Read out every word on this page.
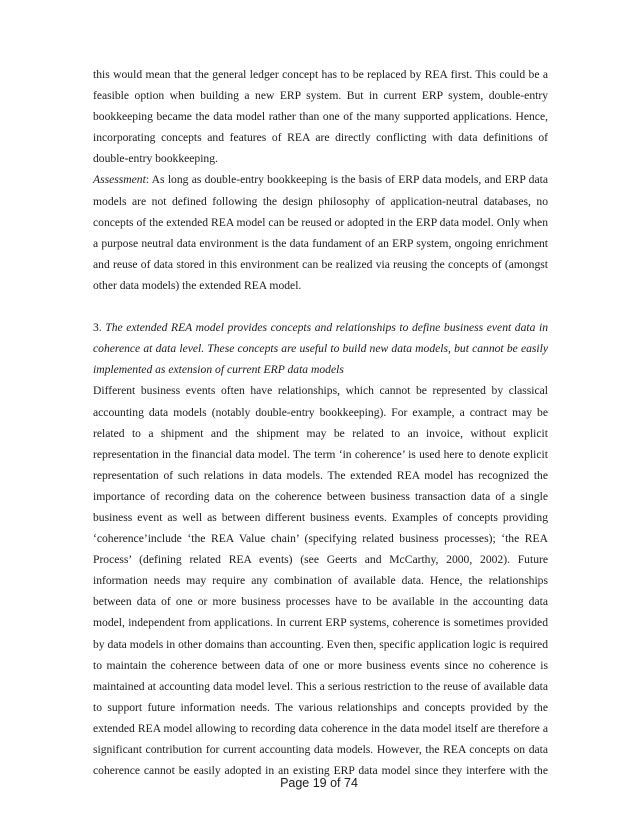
this would mean that the general ledger concept has to be replaced by REA first. This could be a
feasible option when building a new ERP system. But in current ERP system, double-entry
bookkeeping became the data model rather than one of the many supported applications. Hence,
incorporating concepts and features of REA are directly conflicting with data definitions of
double-entry bookkeeping.
Assessment: As long as double-entry bookkeeping is the basis of ERP data models, and ERP data
models are not defined following the design philosophy of application-neutral databases, no
concepts of the extended REA model can be reused or adopted in the ERP data model. Only when
a purpose neutral data environment is the data fundament of an ERP system, ongoing enrichment
and reuse of data stored in this environment can be realized via reusing the concepts of (amongst
other data models) the extended REA model.
3. The extended REA model provides concepts and relationships to define business event data in
coherence at data level. These concepts are useful to build new data models, but cannot be easily
implemented as extension of current ERP data models
Different business events often have relationships, which cannot be represented by classical
accounting data models (notably double-entry bookkeeping). For example, a contract may be
related to a shipment and the shipment may be related to an invoice, without explicit
representation in the financial data model. The term ‘in coherence’ is used here to denote explicit
representation of such relations in data models. The extended REA model has recognized the
importance of recording data on the coherence between business transaction data of a single
business event as well as between different business events. Examples of concepts providing
‘coherence’include ‘the REA Value chain’ (specifying related business processes); ‘the REA
Process’ (defining related REA events) (see Geerts and McCarthy, 2000, 2002). Future
information needs may require any combination of available data. Hence, the relationships
between data of one or more business processes have to be available in the accounting data
model, independent from applications. In current ERP systems, coherence is sometimes provided
by data models in other domains than accounting. Even then, specific application logic is required
to maintain the coherence between data of one or more business events since no coherence is
maintained at accounting data model level. This a serious restriction to the reuse of available data
to support future information needs. The various relationships and concepts provided by the
extended REA model allowing to recording data coherence in the data model itself are therefore a
significant contribution for current accounting data models. However, the REA concepts on data
coherence cannot be easily adopted in an existing ERP data model since they interfere with the
Page 19 of 74
